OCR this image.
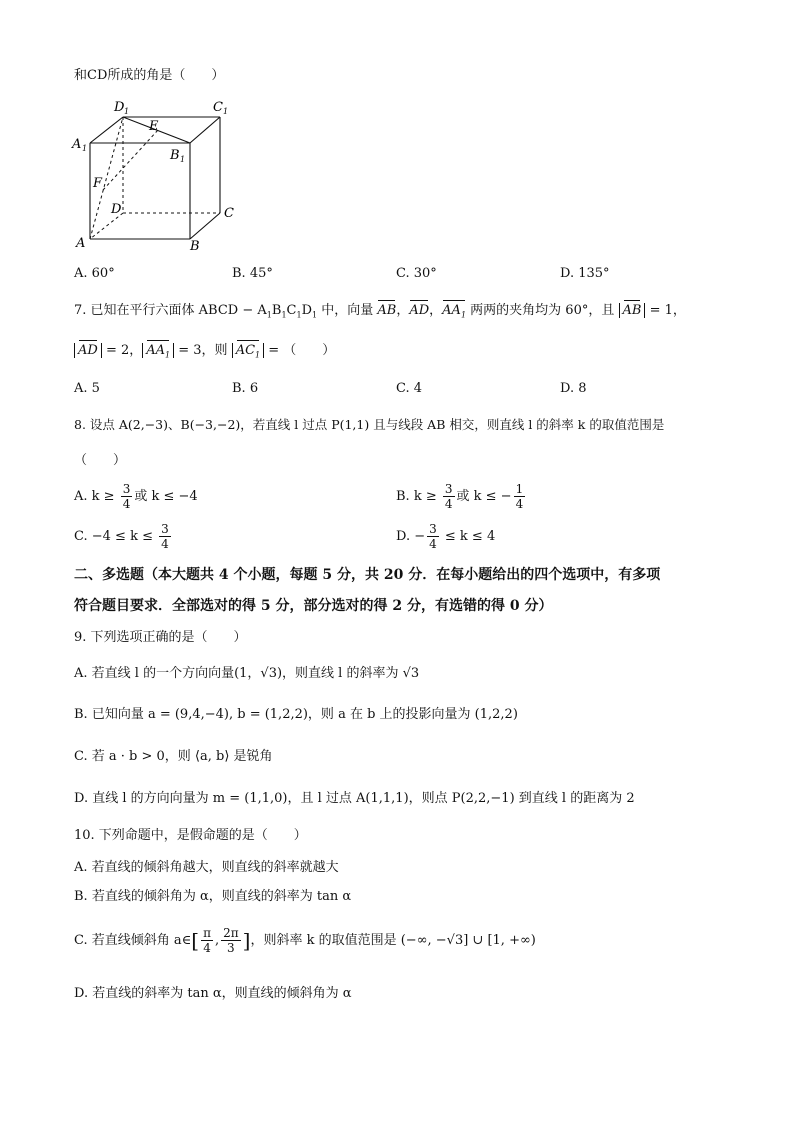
和CD所成的角是（　　）
D 1	C 1
A 1
E
B 1
F
D	C
A	B
A. 60°	B. 45°	C. 30°	D. 135°
7. 已知在平行六面体 ABCD − $A_1B_1C_1D_1$ 中，向量 AB，AD，$AA_1$ 两两的夹角均为 60°，且 AB = 1，
AD = 2， $AA_1 = 3$，则 $AC_1$ = （　　）
A. 5	B. 6	C. 4	D. 8
8. 设点 A(2,−3)、B(−3,−2)，若直线 l 过点 P(1,1) 且与线段 AB 相交，则直线 l 的斜率 k 的取值范围是
（　　）
A. $k \ge \frac{3}{4}$ 或 k ≤ −4	B. $k \ge \frac{3}{4}$ 或 k ≤ − $\frac{1}{4}$
C. $-4 \le k \le \frac{3}{4}$	D. − $\frac{3}{4} \le k \le 4$
二、多选题（本大题共 4 个小题，每题 5 分，共 20 分．在每小题给出的四个选项中，有多项
符合题目要求．全部选对的得 5 分，部分选对的得 2 分，有选错的得 0 分）
9. 下列选项正确的是（　　）
A. 若直线 l 的一个方向向量(1，√3)，则直线 l 的斜率为 √3
B. 已知向量 a = (9,4,−4), b = (1,2,2)，则 a 在 b 上的投影向量为 (1,2,2)
C. 若 a · b > 0，则 ⟨a, b⟩ 是锐角
D. 直线 l 的方向向量为 m = (1,1,0)，且 l 过点 A(1,1,1)，则点 P(2,2,−1) 到直线 l 的距离为 2
10. 下列命题中，是假命题的是（　　）
A. 若直线的倾斜角越大，则直线的斜率就越大
B. 若直线的倾斜角为 α，则直线的斜率为 tan α
C. 若直线倾斜角 a∈[ $\frac{\pi}{4}$ , $\frac{2\pi}{3}$ ]，则斜率 k 的取值范围是 (−∞, −√3] ∪ [1, +∞)
D. 若直线的斜率为 tan α，则直线的倾斜角为 α
